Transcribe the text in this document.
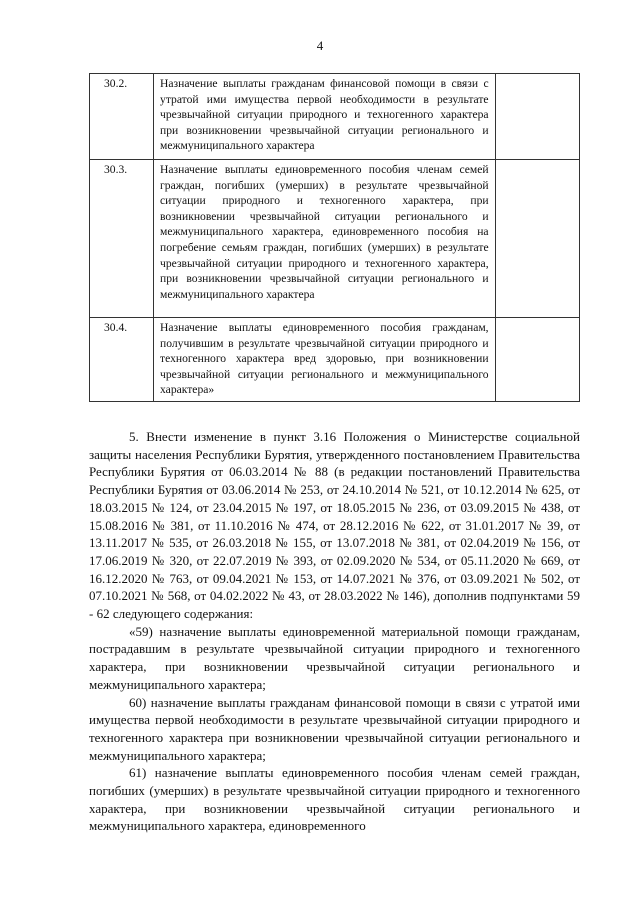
4
30.2.	Назначение выплаты гражданам финансовой помощи в связи с утратой ими имущества первой необходимости в результате чрезвычайной ситуации природного и техногенного характера при возникновении чрезвычайной ситуации регионального и межмуниципального характера	
30.3.	Назначение выплаты единовременного пособия членам семей граждан, погибших (умерших) в результате чрезвычайной ситуации природного и техногенного характера, при возникновении чрезвычайной ситуации регионального и межмуниципального характера, единовременного пособия на погребение семьям граждан, погибших (умерших) в результате чрезвычайной ситуации природного и техногенного характера, при возникновении чрезвычайной ситуации регионального и межмуниципального характера	
30.4.	Назначение выплаты единовременного пособия гражданам, получившим в результате чрезвычайной ситуации природного и техногенного характера вред здоровью, при возникновении чрезвычайной ситуации регионального и межмуниципального характера»	

5. Внести изменение в пункт 3.16 Положения о Министерстве социальной защиты населения Республики Бурятия, утвержденного постановлением Правительства Республики Бурятия от 06.03.2014 № 88 (в редакции постановлений Правительства Республики Бурятия от 03.06.2014 № 253, от 24.10.2014 № 521, от 10.12.2014 № 625, от 18.03.2015 № 124, от 23.04.2015 № 197, от 18.05.2015 № 236, от 03.09.2015 № 438, от 15.08.2016 № 381, от 11.10.2016 № 474, от 28.12.2016 № 622, от 31.01.2017 № 39, от 13.11.2017 № 535, от 26.03.2018 № 155, от 13.07.2018 № 381, от 02.04.2019 № 156, от 17.06.2019 № 320, от 22.07.2019 № 393, от 02.09.2020 № 534, от 05.11.2020 № 669, от 16.12.2020 № 763, от 09.04.2021 № 153, от 14.07.2021 № 376, от 03.09.2021 № 502, от 07.10.2021 № 568, от 04.02.2022 № 43, от 28.03.2022 № 146), дополнив подпунктами 59 - 62 следующего содержания:

«59) назначение выплаты единовременной материальной помощи гражданам, пострадавшим в результате чрезвычайной ситуации природного и техногенного характера, при возникновении чрезвычайной ситуации регионального и межмуниципального характера;

60) назначение выплаты гражданам финансовой помощи в связи с утратой ими имущества первой необходимости в результате чрезвычайной ситуации природного и техногенного характера при возникновении чрезвычайной ситуации регионального и межмуниципального характера;

61) назначение выплаты единовременного пособия членам семей граждан, погибших (умерших) в результате чрезвычайной ситуации природного и техногенного характера, при возникновении чрезвычайной ситуации регионального и межмуниципального характера, единовременного
